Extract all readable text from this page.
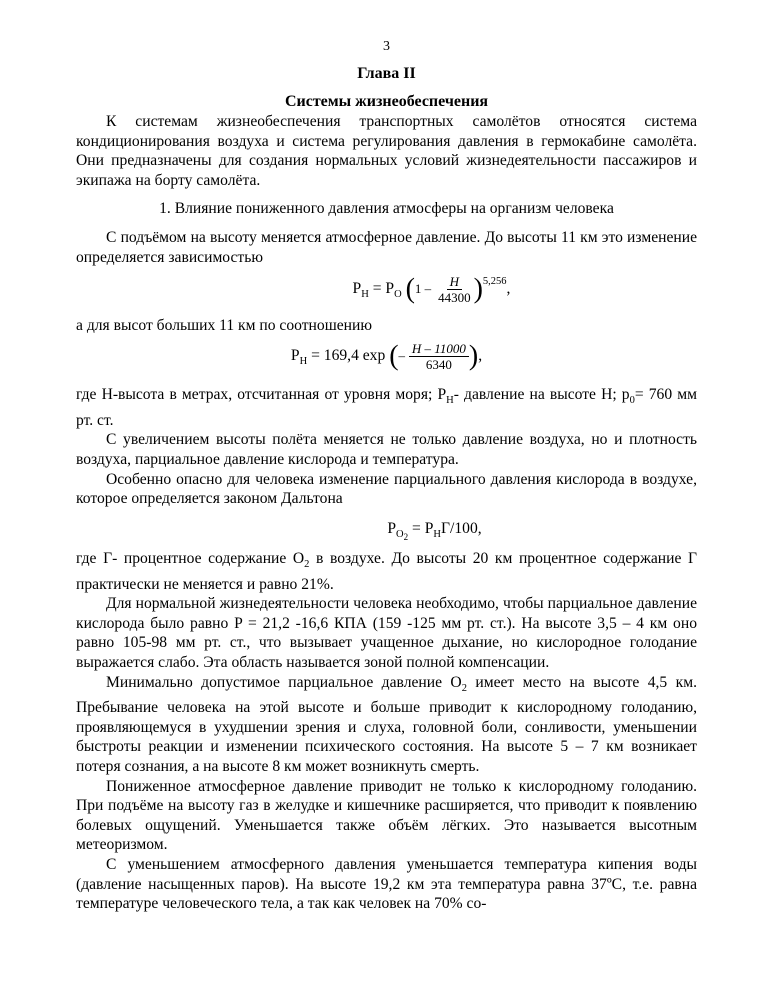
3
Глава II
Системы жизнеобеспечения

К системам жизнеобеспечения транспортных самолётов относятся система кондиционирования воздуха и система регулирования давления в гермокабине самолёта. Они предназначены для создания нормальных условий жизнедеятельности пассажиров и экипажа на борту самолёта.

1. Влияние пониженного давления атмосферы на организм человека

С подъёмом на высоту меняется атмосферное давление. До высоты 11 км это изменение определяется зависимостью

$P_H = P_O$ $(1 - \frac{H}{44300} )^{5,256}$,

а для высот больших 11 км по соотношению

$P_H = 169,4$ exp (– $\frac{H - 11000}{6340}$ ),

где H-высота в метрах, отсчитанная от уровня моря; $P_H-$ давление на высоте H; $p_0= 760$ мм рт. ст.

С увеличением высоты полёта меняется не только давление воздуха, но и плотность воздуха, парциальное давление кислорода и температура.

Особенно опасно для человека изменение парциального давления кислорода в воздухе, которое определяется законом Дальтона

$P_{O_2} = P_HГ/100$,

где Г- процентное содержание $О_2$ в воздухе. До высоты 20 км процентное содержание Г практически не меняется и равно 21%.

Для нормальной жизнедеятельности человека необходимо, чтобы парциальное давление кислорода было равно P = 21,2 -16,6 КПА (159 -125 мм рт. ст.). На высоте 3,5 – 4 км оно равно 105-98 мм рт. ст., что вызывает учащенное дыхание, но кислородное голодание выражается слабо. Эта область называется зоной полной компенсации.

Минимально допустимое парциальное давление $О_2$ имеет место на высоте 4,5 км. Пребывание человека на этой высоте и больше приводит к кислородному голоданию, проявляющемуся в ухудшении зрения и слуха, головной боли, сонливости, уменьшении быстроты реакции и изменении психического состояния. На высоте 5 – 7 км возникает потеря сознания, а на высоте 8 км может возникнуть смерть.

Пониженное атмосферное давление приводит не только к кислородному голоданию. При подъёме на высоту газ в желудке и кишечнике расширяется, что приводит к появлению болевых ощущений. Уменьшается также объём лёгких. Это называется высотным метеоризмом.

С уменьшением атмосферного давления уменьшается температура кипения воды (давление насыщенных паров). На высоте 19,2 км эта температура равна 37ºС, т.е. равна температуре человеческого тела, а так как человек на 70% со-
